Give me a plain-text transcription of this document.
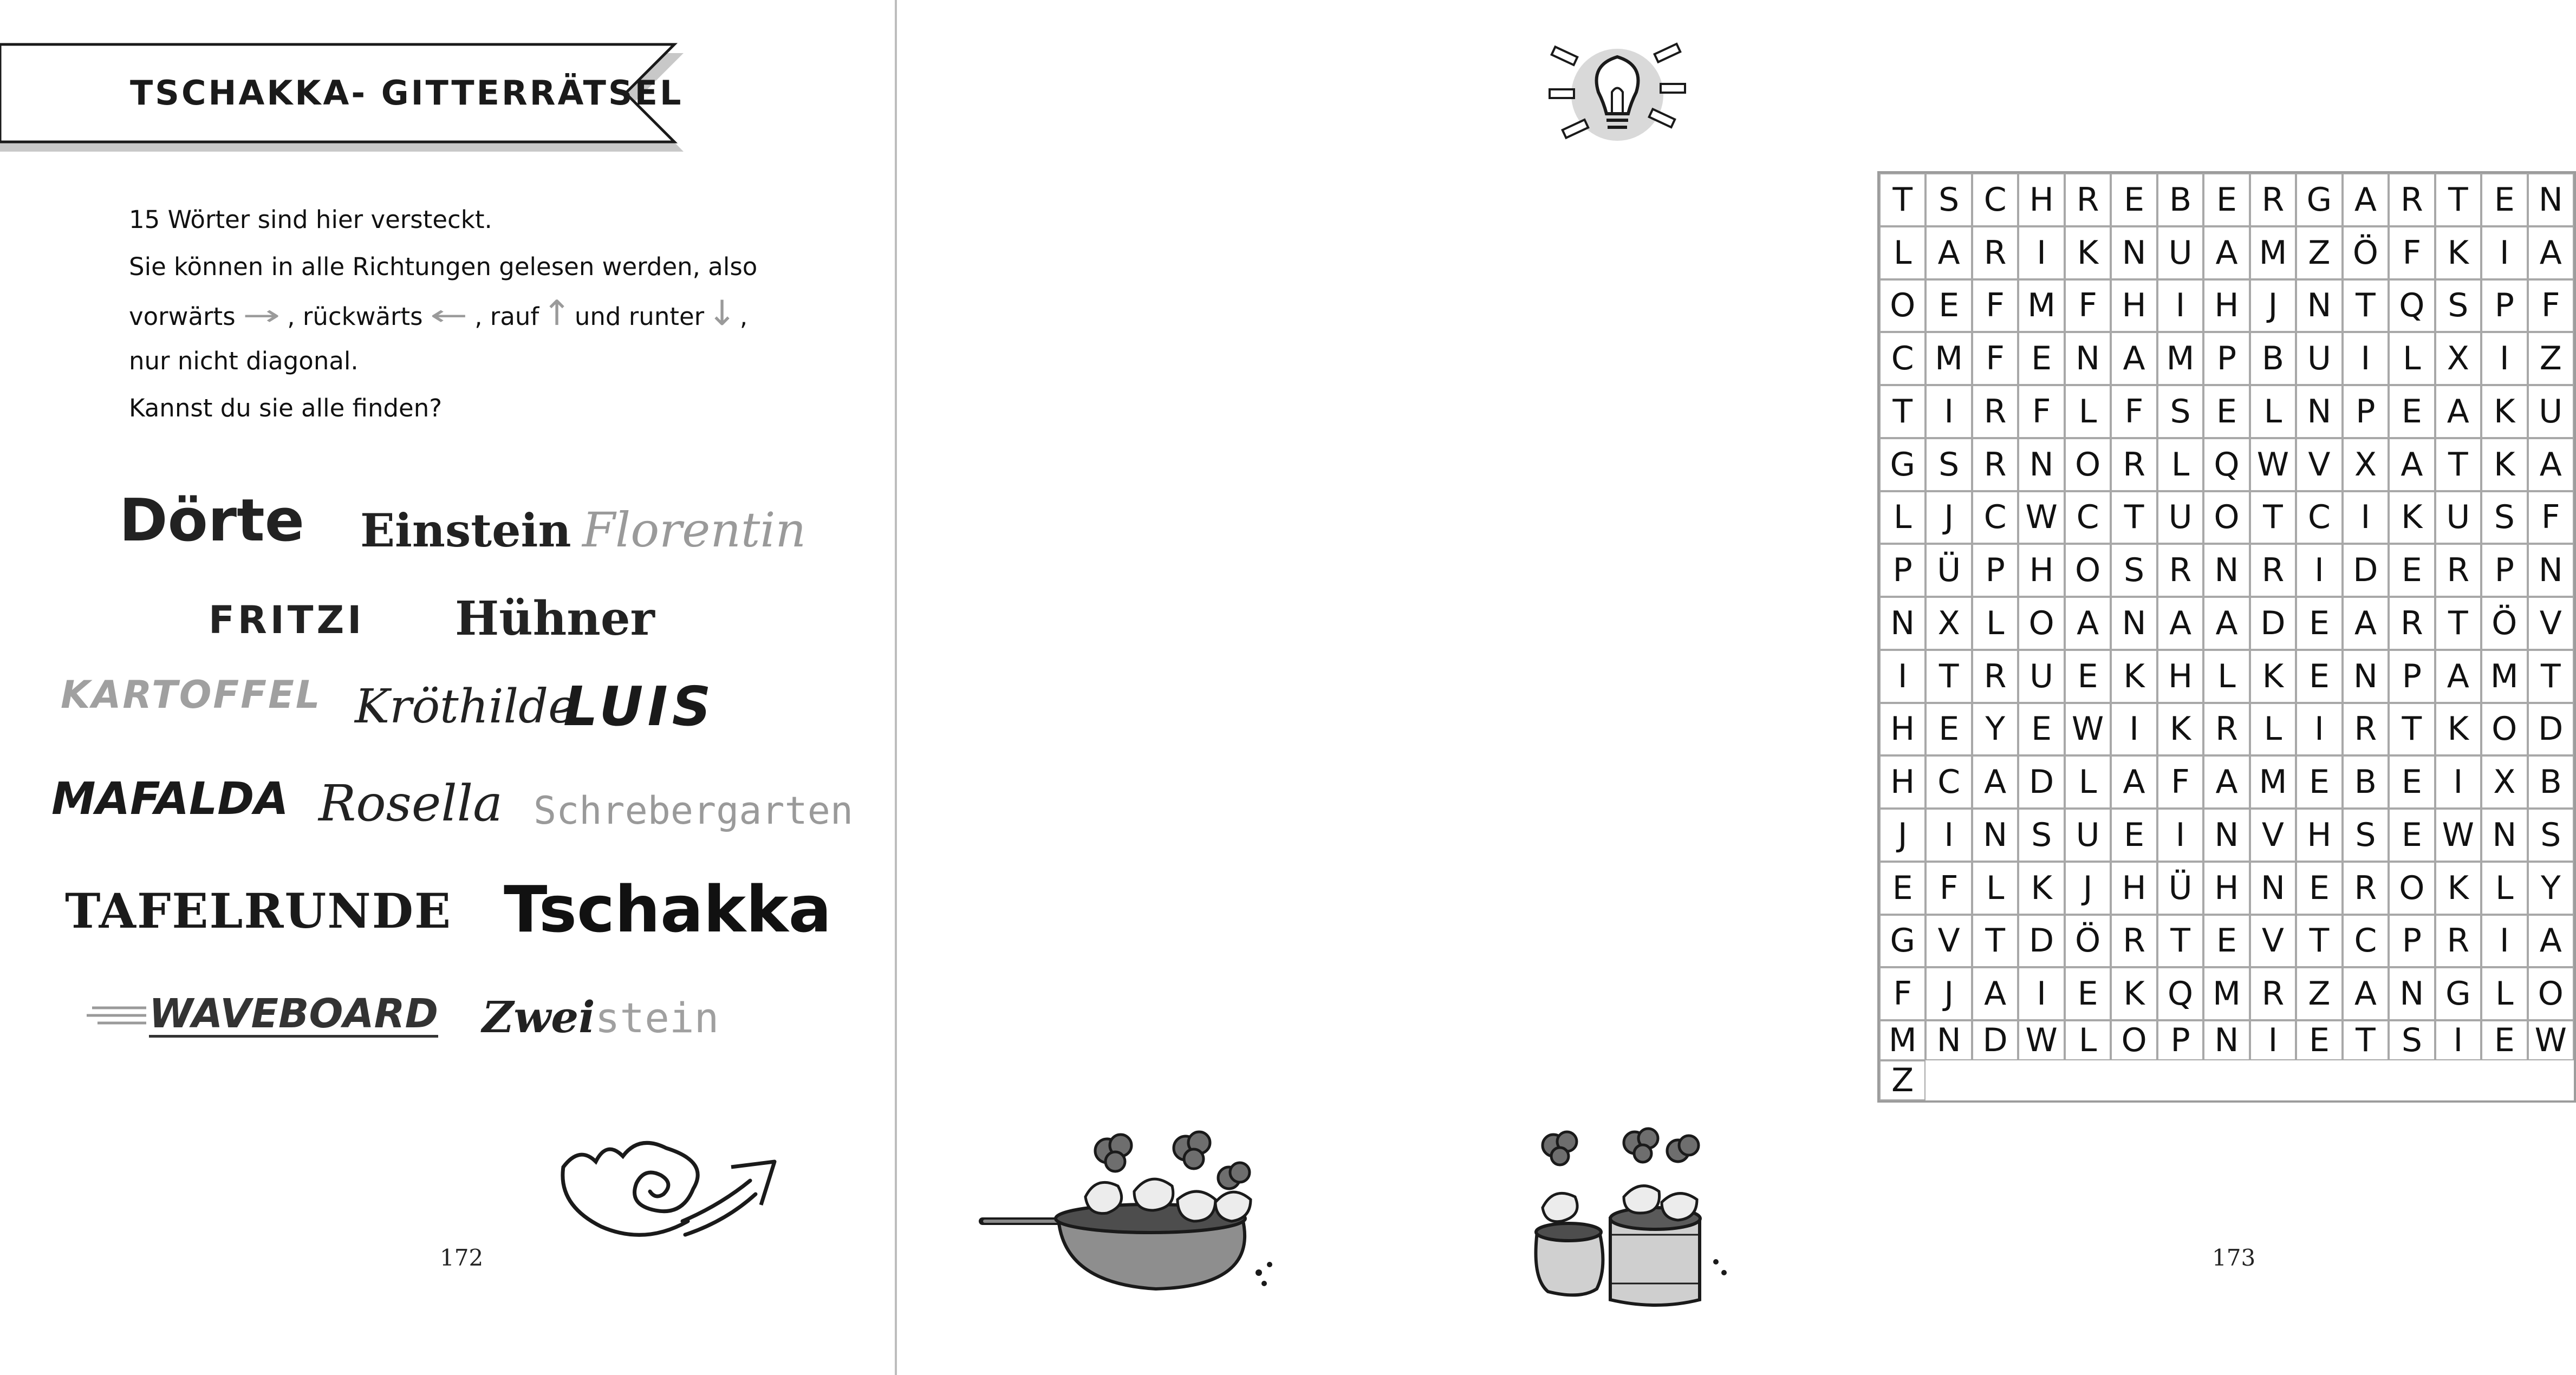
TSCHAKKA- GITTERRÄTSEL
15 Wörter sind hier versteckt.
Sie können in alle Richtungen gelesen werden, also
vorwärts → , rückwärts ← , rauf↑ und runter↓ ,
nur nicht diagonal.
Kannst du sie alle finden?
Dörte Einstein Florentin
FRITZI Hühner
KARTOFFEL Kröthilde
LUIS
MAFALDA Rosella Schrebergarten
TAFELRUNDE Tschakka
WAVEBOARD Zweistein
172
T S C H R E B E R G A R T E N
L A R I K N U A M Z Ö F K I A
O E F M F H I H J N T Q S P F
C M F E N A M P B U I L X I Z
T I R F L F S E L N P E A K U
G S R N O R L Q W V X A T K A
L J C W C T U O T C I K U S F
P Ü P H O S R N R I D E R P N
N X L O A N A A D E A R T Ö V
I T R U E K H L K E N P A M T
H E Y E W I K R L I R T K O D
H C A D L A F A M E B E I X B
J	I N S U E I N V H S E W N S
E F L K J H Ü H N E R O K L Y
G V T D Ö R T E V T C P R I A
F J A I E K Q M R Z A N G L O
M N D W L O P N I E T S I E W
Z
173
